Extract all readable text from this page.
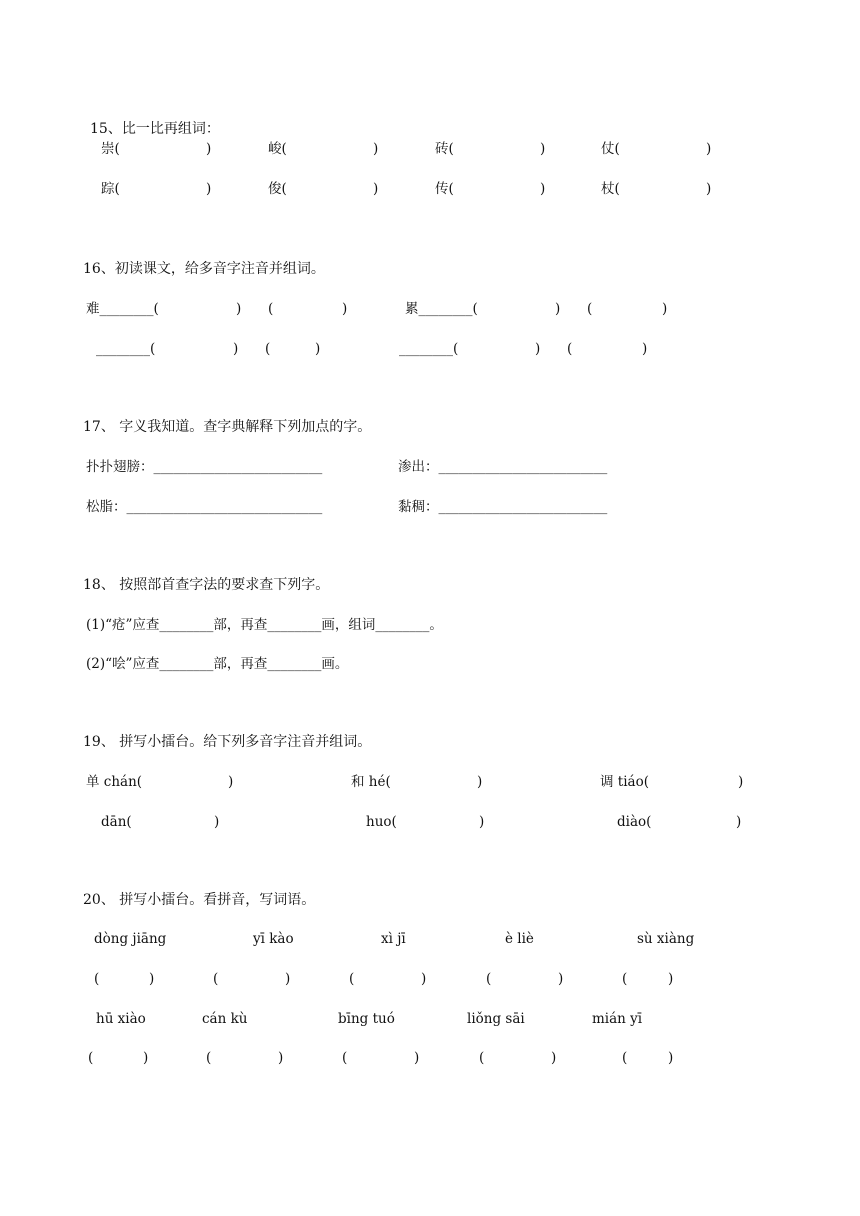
15、比一比再组词：
崇(	)	峻(	)	砖(	)	仗(	)
踪(	)	俊(	)	传(	)	杖(	)
16、初读课文，给多音字注音并组词。
难________(	) (	)	累________(	) (	)
________(	) (	)	________(	) (	)
17、 字义我知道。查字典解释下列加点的字。
扑扑翅膀：_________________________	渗出：_________________________
松脂：_____________________________	黏稠：_________________________
18、 按照部首查字法的要求查下列字。
(1)“疮”应查________部，再查________画，组词________。
(2)“哙”应查________部，再查________画。
19、 拼写小擂台。给下列多音字注音并组词。
单 chán(	)	和 hé(	)	调 tiáo(	)
dān(	)	huo(	)	diào(	)
20、 拼写小擂台。看拼音，写词语。
dòng jiāng	yī kào	xì jī	è liè	sù xiàng
(	)	(	)	(	)	(	)	(	)
hū xiào	cán kù	bīng tuó	liǒng sāi	mián yī
(	)	(	)	(	)	(	)	(	)
